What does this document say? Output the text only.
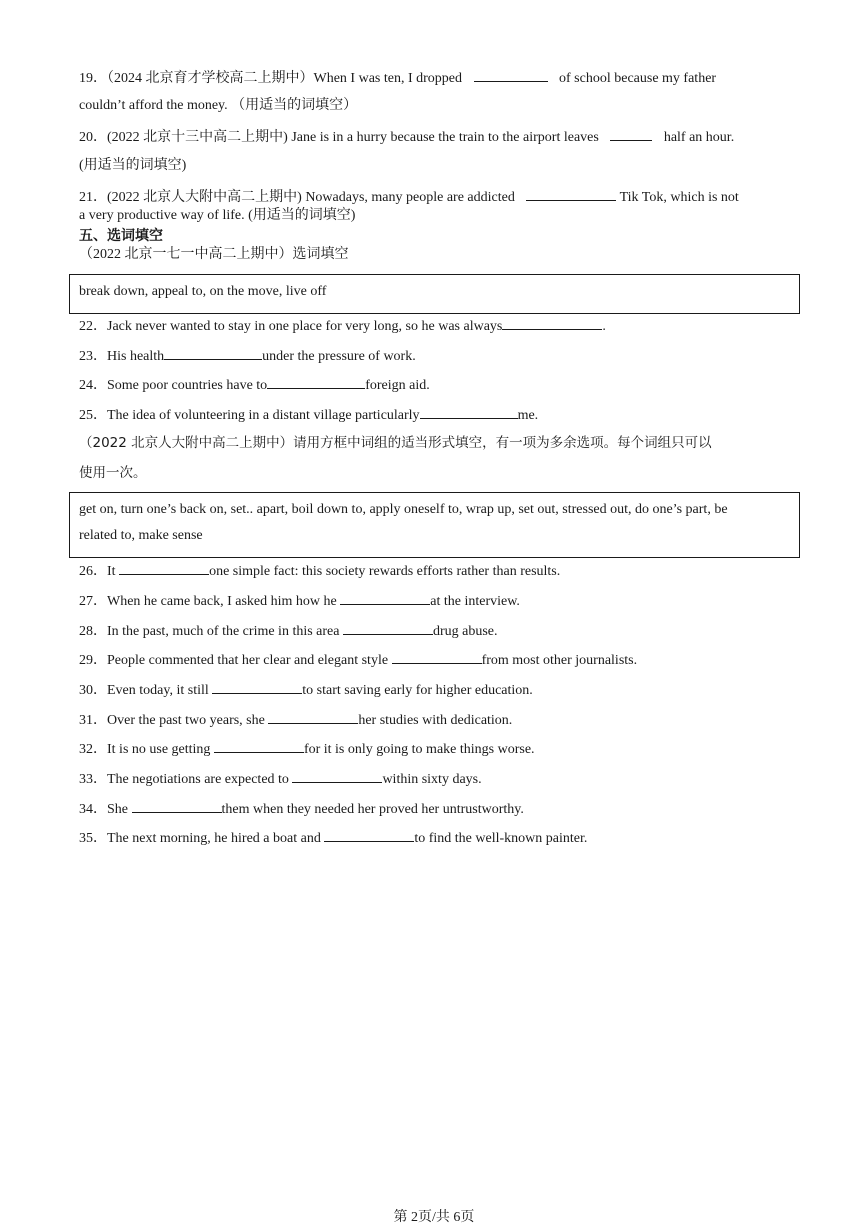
19．（2024 北京育才学校高二上期中）When I was ten, I dropped	of school because my father
couldn’t afford the money. （用适当的词填空）
20．(2022 北京十三中高二上期中) Jane is in a hurry because the train to the airport leaves	half an hour.
(用适当的词填空)
21．(2022 北京人大附中高二上期中) Nowadays, many people are addicted	Tik Tok, which is not
a very productive way of life. (用适当的词填空)
五、选词填空
（2022 北京一七一中高二上期中）选词填空
break down, appeal to, on the move, live off
22．Jack never wanted to stay in one place for very long, so he was always	.
23．His health	under the pressure of work.
24．Some poor countries have to	foreign aid.
25．The idea of volunteering in a distant village particularly	me.
（2022 北京人大附中高二上期中）请用方框中词组的适当形式填空，有一项为多余选项。每个词组只可以
使用一次。
get on, turn one’s back on, set.. apart, boil down to, apply oneself to, wrap up, set out, stressed out, do one’s part, be
related to, make sense
26．It	one simple fact: this society rewards efforts rather than results.
27．When he came back, I asked him how he	at the interview.
28．In the past, much of the crime in this area	drug abuse.
29．People commented that her clear and elegant style	from most other journalists.
30．Even today, it still	to start saving early for higher education.
31．Over the past two years, she	her studies with dedication.
32．It is no use getting	for it is only going to make things worse.
33．The negotiations are expected to	within sixty days.
34．She	them when they needed her proved her untrustworthy.
35．The next morning, he hired a boat and	to find the well-known painter.
第 2页/共 6页
